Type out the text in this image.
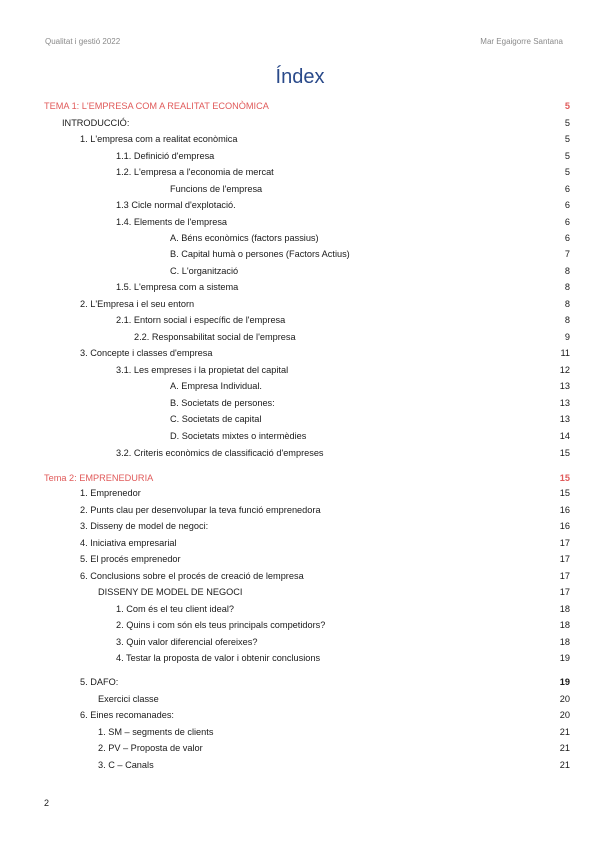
Qualitat i gestió 2022	Mar Egaigorre Santana
Índex
TEMA 1: L'EMPRESA COM A REALITAT ECONÒMICA	5
INTRODUCCIÓ:	5
1. L'empresa com a realitat econòmica	5
1.1. Definició d'empresa	5
1.2. L'empresa a l'economia de mercat	5
Funcions de l'empresa	6
1.3 Cicle normal d'explotació.	6
1.4. Elements de l'empresa	6
A. Béns econòmics (factors passius)	6
B. Capital humà o persones (Factors Actius)	7
C. L'organització	8
1.5. L'empresa com a sistema	8
2. L'Empresa i el seu entorn	8
2.1. Entorn social i específic de l'empresa	8
2.2. Responsabilitat social de l'empresa	9
3. Concepte i classes d'empresa	11
3.1. Les empreses i la propietat del capital	12
A. Empresa Individual.	13
B. Societats de persones:	13
C. Societats de capital	13
D. Societats mixtes o intermèdies	14
3.2. Criteris econòmics de classificació d'empreses	15
Tema 2: EMPRENEDURIA	15
1. Emprenedor	15
2. Punts clau per desenvolupar la teva funció emprenedora	16
3. Disseny de model de negoci:	16
4. Iniciativa empresarial	17
5. El procés emprenedor	17
6. Conclusions sobre el procés de creació de lempresa	17
DISSENY DE MODEL DE NEGOCI	17
1. Com és el teu client ideal?	18
2. Quins i com són els teus principals competidors?	18
3. Quin valor diferencial ofereixes?	18
4. Testar la proposta de valor i obtenir conclusions	19
5. DAFO:	19
Exercici classe	20
6. Eines recomanades:	20
1. SM – segments de clients	21
2. PV – Proposta de valor	21
3. C – Canals	21
2
